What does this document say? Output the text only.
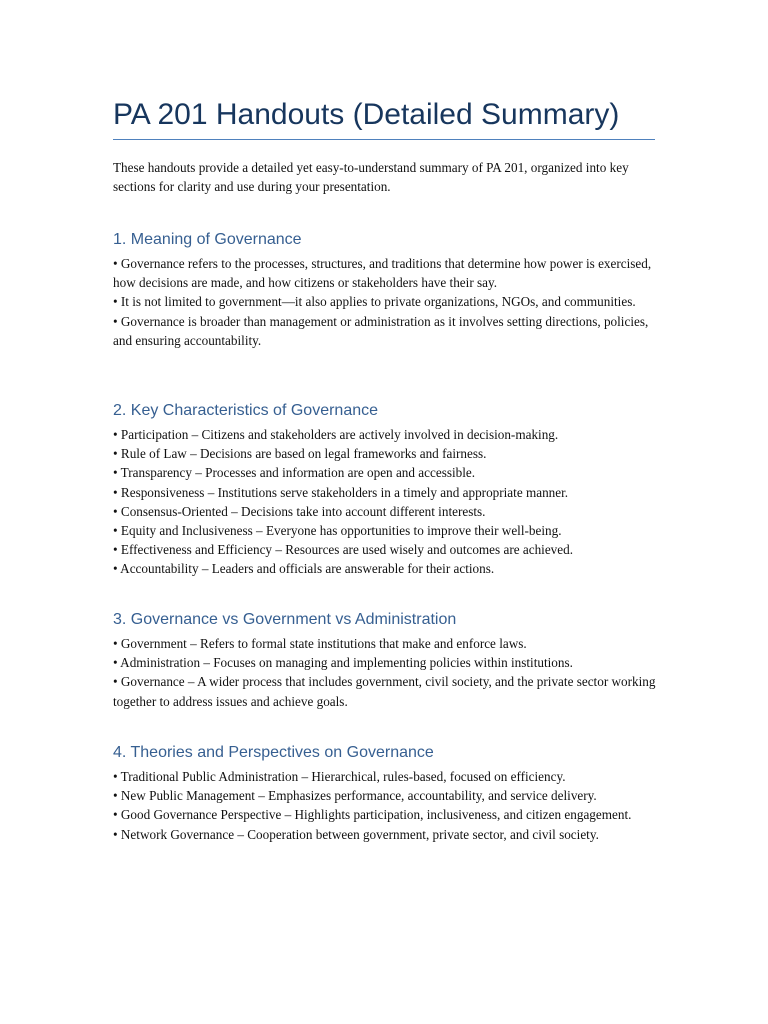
PA 201 Handouts (Detailed Summary)

These handouts provide a detailed yet easy-to-understand summary of PA 201, organized into key sections for clarity and use during your presentation.

1. Meaning of Governance
• Governance refers to the processes, structures, and traditions that determine how power is exercised, how decisions are made, and how citizens or stakeholders have their say.
• It is not limited to government—it also applies to private organizations, NGOs, and communities.
• Governance is broader than management or administration as it involves setting directions, policies, and ensuring accountability.
2. Key Characteristics of Governance
• Participation – Citizens and stakeholders are actively involved in decision-making.
• Rule of Law – Decisions are based on legal frameworks and fairness.
• Transparency – Processes and information are open and accessible.
• Responsiveness – Institutions serve stakeholders in a timely and appropriate manner.
• Consensus-Oriented – Decisions take into account different interests.
• Equity and Inclusiveness – Everyone has opportunities to improve their well-being.
• Effectiveness and Efficiency – Resources are used wisely and outcomes are achieved.
• Accountability – Leaders and officials are answerable for their actions.
3. Governance vs Government vs Administration
• Government – Refers to formal state institutions that make and enforce laws.
• Administration – Focuses on managing and implementing policies within institutions.
• Governance – A wider process that includes government, civil society, and the private sector working together to address issues and achieve goals.
4. Theories and Perspectives on Governance
• Traditional Public Administration – Hierarchical, rules-based, focused on efficiency.
• New Public Management – Emphasizes performance, accountability, and service delivery.
• Good Governance Perspective – Highlights participation, inclusiveness, and citizen engagement.
• Network Governance – Cooperation between government, private sector, and civil society.
